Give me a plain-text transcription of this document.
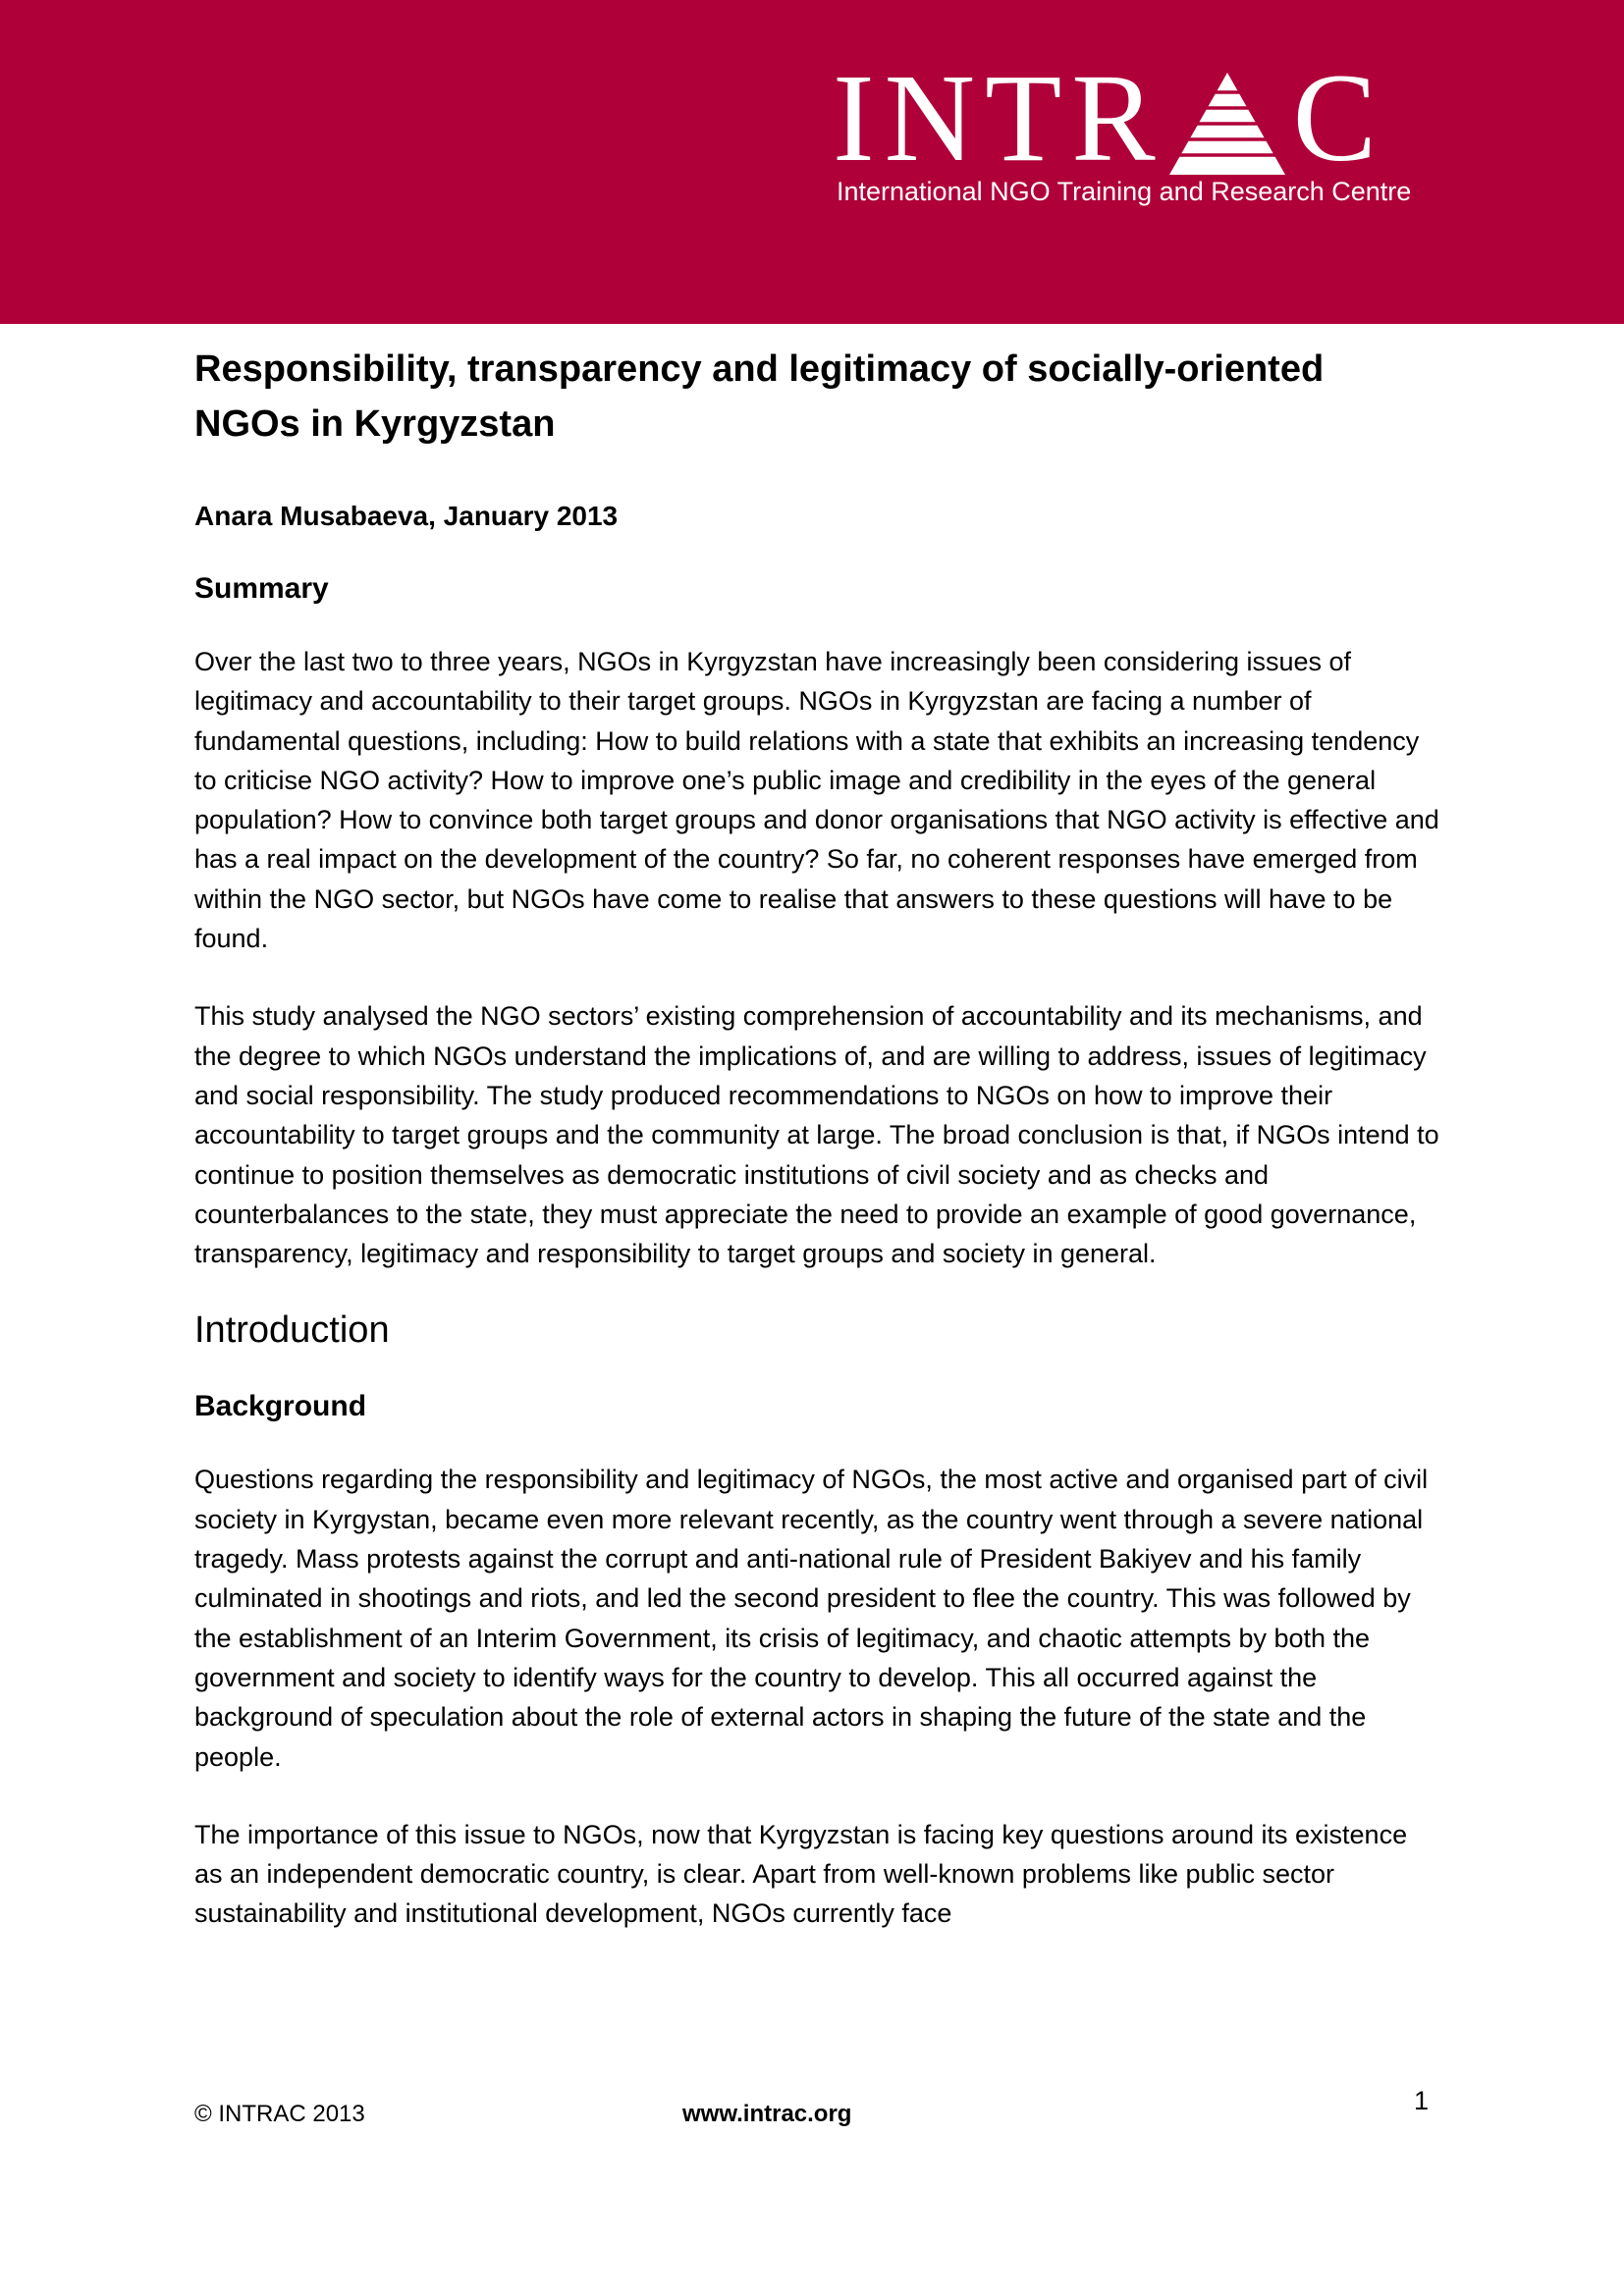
INTR C
International NGO Training and Research Centre
Responsibility, transparency and legitimacy of socially-oriented NGOs in Kyrgyzstan

Anara Musabaeva, January 2013

Summary

Over the last two to three years, NGOs in Kyrgyzstan have increasingly been considering issues of legitimacy and accountability to their target groups. NGOs in Kyrgyzstan are facing a number of fundamental questions, including: How to build relations with a state that exhibits an increasing tendency to criticise NGO activity? How to improve one’s public image and credibility in the eyes of the general population? How to convince both target groups and donor organisations that NGO activity is effective and has a real impact on the development of the country? So far, no coherent responses have emerged from within the NGO sector, but NGOs have come to realise that answers to these questions will have to be found.

This study analysed the NGO sectors’ existing comprehension of accountability and its mechanisms, and the degree to which NGOs understand the implications of, and are willing to address, issues of legitimacy and social responsibility. The study produced recommendations to NGOs on how to improve their accountability to target groups and the community at large. The broad conclusion is that, if NGOs intend to continue to position themselves as democratic institutions of civil society and as checks and counterbalances to the state, they must appreciate the need to provide an example of good governance, transparency, legitimacy and responsibility to target groups and society in general.

Introduction
Background

Questions regarding the responsibility and legitimacy of NGOs, the most active and organised part of civil society in Kyrgystan, became even more relevant recently, as the country went through a severe national tragedy. Mass protests against the corrupt and anti-national rule of President Bakiyev and his family culminated in shootings and riots, and led the second president to flee the country. This was followed by the establishment of an Interim Government, its crisis of legitimacy, and chaotic attempts by both the government and society to identify ways for the country to develop. This all occurred against the background of speculation about the role of external actors in shaping the future of the state and the people.

The importance of this issue to NGOs, now that Kyrgyzstan is facing key questions around its existence as an independent democratic country, is clear. Apart from well-known problems like public sector sustainability and institutional development, NGOs currently face

© INTRAC 2013	www.intrac.org	1
